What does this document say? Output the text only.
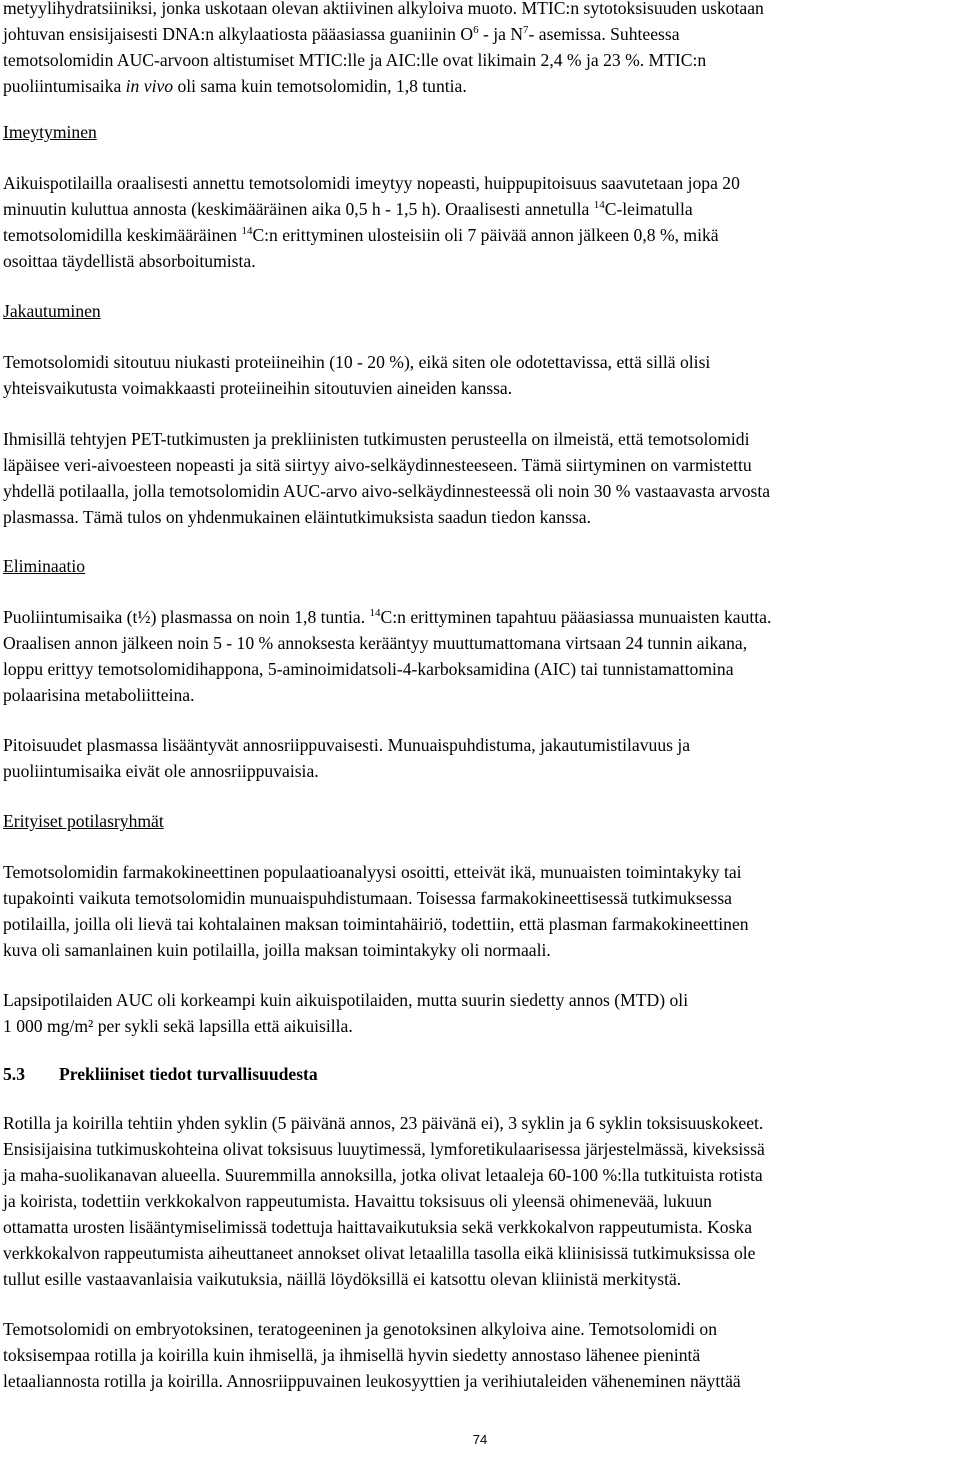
metyylihydratsiiniksi, jonka uskotaan olevan aktiivinen alkyloiva muoto. MTIC:n sytotoksisuuden uskotaan
johtuvan ensisijaisesti DNA:n alkylaatiosta pääasiassa guaniinin $O^6$ - ja $N^7-$ asemissa. Suhteessa
temotsolomidin AUC-arvoon altistumiset MTIC:lle ja AIC:lle ovat likimain 2,4 % ja 23 %. MTIC:n
puoliintumisaika in vivo oli sama kuin temotsolomidin, 1,8 tuntia.

Imeytyminen

Aikuispotilailla oraalisesti annettu temotsolomidi imeytyy nopeasti, huippupitoisuus saavutetaan jopa 20
minuutin kuluttua annosta (keskimääräinen aika 0,5 h - 1,5 h). Oraalisesti annetulla $^{14}$C-leimatulla
temotsolomidilla keskimääräinen $^{14}$C:n erittyminen ulosteisiin oli 7 päivää annon jälkeen 0,8 %, mikä
osoittaa täydellistä absorboitumista.

Jakautuminen

Temotsolomidi sitoutuu niukasti proteiineihin (10 - 20 %), eikä siten ole odotettavissa, että sillä olisi
yhteisvaikutusta voimakkaasti proteiineihin sitoutuvien aineiden kanssa.

Ihmisillä tehtyjen PET-tutkimusten ja prekliinisten tutkimusten perusteella on ilmeistä, että temotsolomidi
läpäisee veri-aivoesteen nopeasti ja sitä siirtyy aivo-selkäydinnesteeseen. Tämä siirtyminen on varmistettu
yhdellä potilaalla, jolla temotsolomidin AUC-arvo aivo-selkäydinnesteessä oli noin 30 % vastaavasta arvosta
plasmassa. Tämä tulos on yhdenmukainen eläintutkimuksista saadun tiedon kanssa.

Eliminaatio

Puoliintumisaika (t½) plasmassa on noin 1,8 tuntia. $^{14}$C:n erittyminen tapahtuu pääasiassa munuaisten kautta.
Oraalisen annon jälkeen noin 5 - 10 % annoksesta kerääntyy muuttumattomana virtsaan 24 tunnin aikana,
loppu erittyy temotsolomidihappona, 5-aminoimidatsoli-4-karboksamidina (AIC) tai tunnistamattomina
polaarisina metaboliitteina.

Pitoisuudet plasmassa lisääntyvät annosriippuvaisesti. Munuaispuhdistuma, jakautumistilavuus ja
puoliintumisaika eivät ole annosriippuvaisia.

Erityiset potilasryhmät

Temotsolomidin farmakokineettinen populaatioanalyysi osoitti, etteivät ikä, munuaisten toimintakyky tai
tupakointi vaikuta temotsolomidin munuaispuhdistumaan. Toisessa farmakokineettisessä tutkimuksessa
potilailla, joilla oli lievä tai kohtalainen maksan toimintahäiriö, todettiin, että plasman farmakokineettinen
kuva oli samanlainen kuin potilailla, joilla maksan toimintakyky oli normaali.

Lapsipotilaiden AUC oli korkeampi kuin aikuispotilaiden, mutta suurin siedetty annos (MTD) oli
1 000 mg/m² per sykli sekä lapsilla että aikuisilla.

5.3	Prekliiniset tiedot turvallisuudesta

Rotilla ja koirilla tehtiin yhden syklin (5 päivänä annos, 23 päivänä ei), 3 syklin ja 6 syklin toksisuuskokeet.
Ensisijaisina tutkimuskohteina olivat toksisuus luuytimessä, lymforetikulaarisessa järjestelmässä, kiveksissä
ja maha-suolikanavan alueella. Suuremmilla annoksilla, jotka olivat letaaleja 60-100 %:lla tutkituista rotista
ja koirista, todettiin verkkokalvon rappeutumista. Havaittu toksisuus oli yleensä ohimenevää, lukuun
ottamatta urosten lisääntymiselimissä todettuja haittavaikutuksia sekä verkkokalvon rappeutumista. Koska
verkkokalvon rappeutumista aiheuttaneet annokset olivat letaalilla tasolla eikä kliinisissä tutkimuksissa ole
tullut esille vastaavanlaisia vaikutuksia, näillä löydöksillä ei katsottu olevan kliinistä merkitystä.

Temotsolomidi on embryotoksinen, teratogeeninen ja genotoksinen alkyloiva aine. Temotsolomidi on
toksisempaa rotilla ja koirilla kuin ihmisellä, ja ihmisellä hyvin siedetty annostaso lähenee pienintä
letaaliannosta rotilla ja koirilla. Annosriippuvainen leukosyyttien ja verihiutaleiden väheneminen näyttää

74
